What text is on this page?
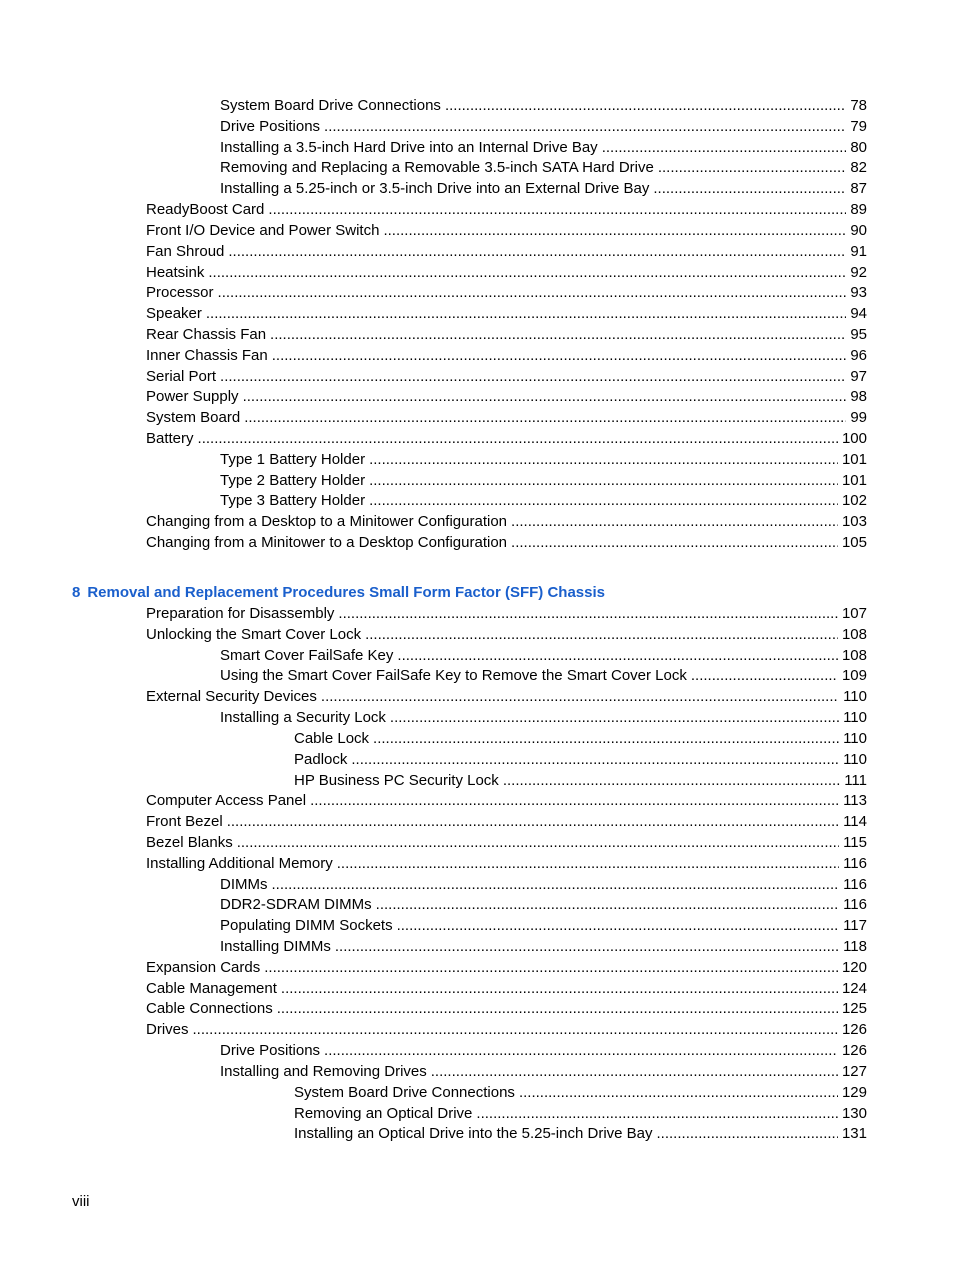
System Board Drive Connections .....	78
Drive Positions .....	79
Installing a 3.5-inch Hard Drive into an Internal Drive Bay .....	80
Removing and Replacing a Removable 3.5-inch SATA Hard Drive .....	82
Installing a 5.25-inch or 3.5-inch Drive into an External Drive Bay .....	87
ReadyBoost Card .....	89
Front I/O Device and Power Switch .....	90
Fan Shroud .....	91
Heatsink .....	92
Processor .....	93
Speaker .....	94
Rear Chassis Fan .....	95
Inner Chassis Fan .....	96
Serial Port .....	97
Power Supply .....	98
System Board .....	99
Battery .....	100
Type 1 Battery Holder .....	101
Type 2 Battery Holder .....	101
Type 3 Battery Holder .....	102
Changing from a Desktop to a Minitower Configuration .....	103
Changing from a Minitower to a Desktop Configuration .....	105
8 Removal and Replacement Procedures Small Form Factor (SFF) Chassis
Preparation for Disassembly .....	107
Unlocking the Smart Cover Lock .....	108
Smart Cover FailSafe Key .....	108
Using the Smart Cover FailSafe Key to Remove the Smart Cover Lock .....	109
External Security Devices .....	110
Installing a Security Lock .....	110
Cable Lock .....	110
Padlock .....	110
HP Business PC Security Lock .....	111
Computer Access Panel .....	113
Front Bezel .....	114
Bezel Blanks .....	115
Installing Additional Memory .....	116
DIMMs .....	116
DDR2-SDRAM DIMMs .....	116
Populating DIMM Sockets .....	117
Installing DIMMs .....	118
Expansion Cards .....	120
Cable Management .....	124
Cable Connections .....	125
Drives .....	126
Drive Positions .....	126
Installing and Removing Drives .....	127
System Board Drive Connections .....	129
Removing an Optical Drive .....	130
Installing an Optical Drive into the 5.25-inch Drive Bay .....	131
viii
